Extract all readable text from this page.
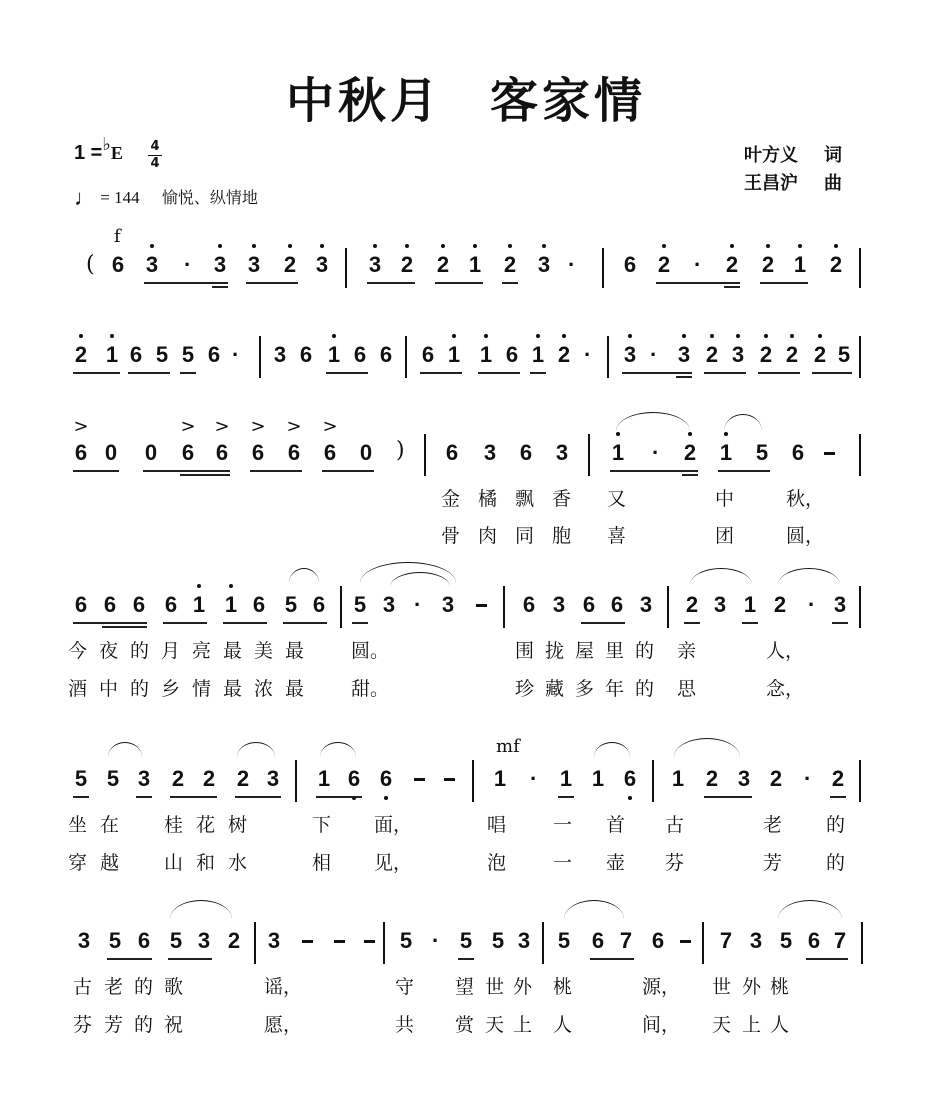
中秋月 客家情
1 =♭E 4
4
♩ = 144 愉悦、纵情地
叶方义 词
王昌沪 曲
f
( 6 3 · 3 3 2 3 3 2 2 1 2 3 · 6 2 · 2 2 1 2
2 1 6 5 5 6 · 3 6 1 6 6 6 1 1 6 1 2 · 3 · 3 2 3 2 2 2 5
>
6 0 0
>
6
>
6
>
6
>
6
>
6 0 ) 6 3 6 3 1 · 2 1 5 6
金 橘 飘 香 又	中	秋，
骨 肉 同 胞 喜	团	圆，
6 6 6 6 1 1 6 5 6 5 3 · 3	6 3 6 6 3 2 3 1 2 · 3
今 夜 的 月 亮 最 美 最 圆。	围 拢 屋 里 的 亲	人，
酒 中 的 乡 情 最 浓 最 甜。	珍 藏 多 年 的 思	念，
5 5 3 2 2 2 3 1 6 6
mf
1 · 1 1 6 1 2 3 2 · 2
坐 在 桂 花 树	下 面，	唱 一 首 古	老 的
穿 越 山 和 水	相 见，	泡 一 壶 芬	芳 的
3 5 6 5 3 2 3	5 · 5 5 3 5 6 7 6	7 3 5 6 7
古 老 的 歌	谣，	守 望 世 外 桃	源， 世 外 桃
芬 芳 的 祝	愿，	共 赏 天 上 人	间， 天 上 人
